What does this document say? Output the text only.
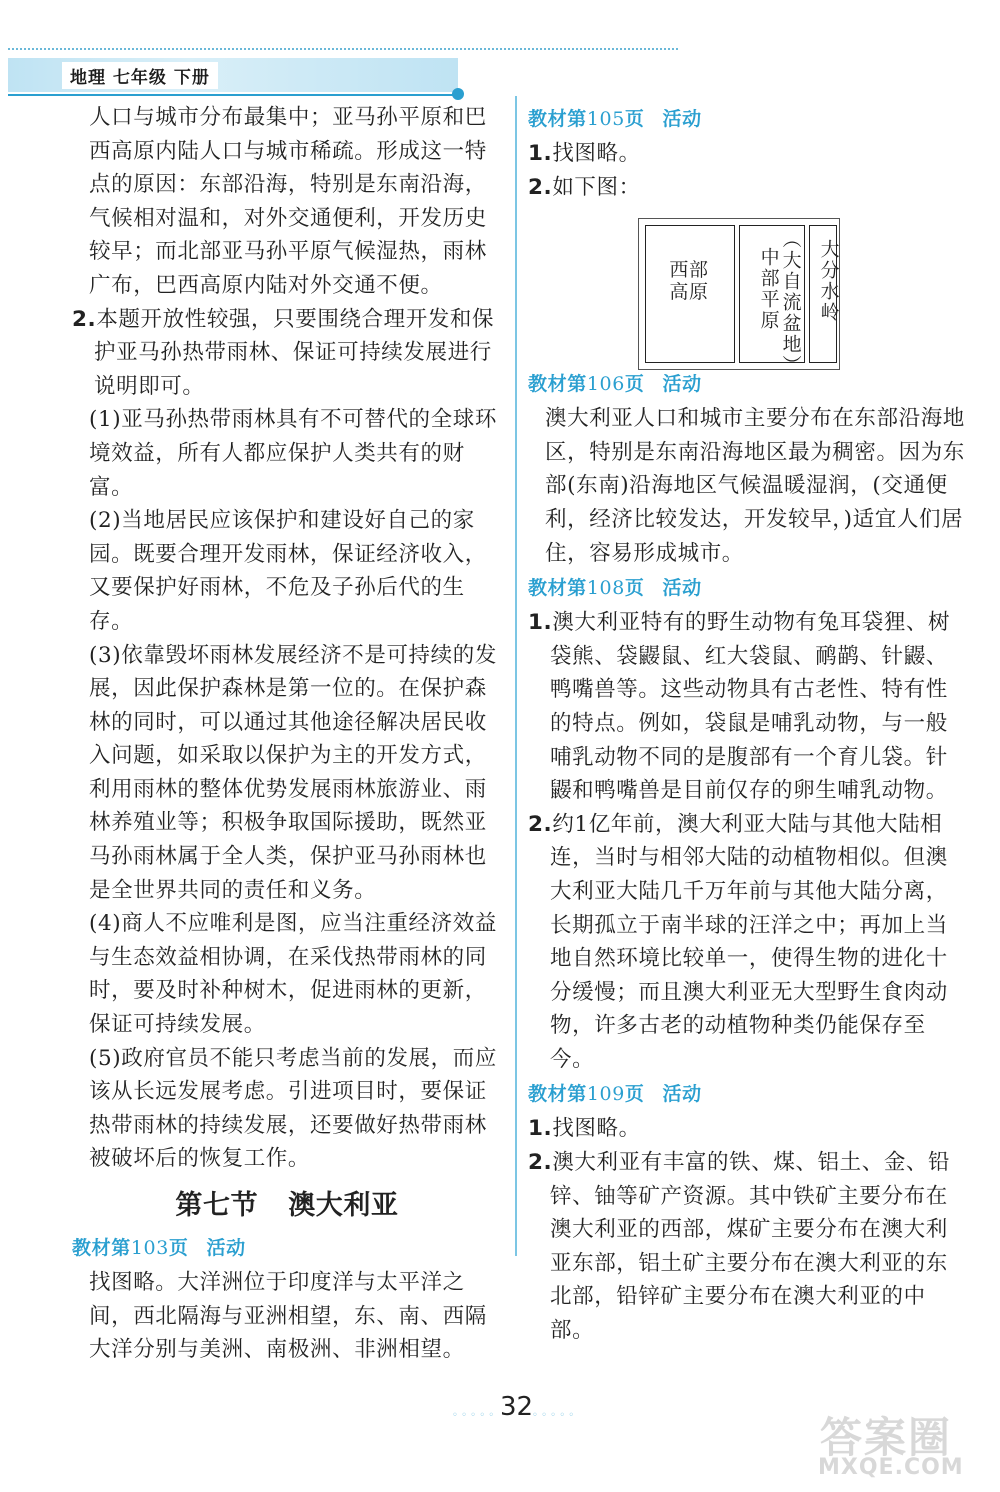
地理 七年级 下册

人口与城市分布最集中；亚马孙平原和巴西高原内陆人口与城市稀疏。形成这一特点的原因：东部沿海，特别是东南沿海，气候相对温和，对外交通便利，开发历史较早；而北部亚马孙平原气候湿热，雨林广布，巴西高原内陆对外交通不便。

2.本题开放性较强，只要围绕合理开发和保护亚马孙热带雨林、保证可持续发展进行说明即可。

(1)亚马孙热带雨林具有不可替代的全球环境效益，所有人都应保护人类共有的财富。

(2)当地居民应该保护和建设好自己的家园。既要合理开发雨林，保证经济收入，又要保护好雨林，不危及子孙后代的生存。

(3)依靠毁坏雨林发展经济不是可持续的发展，因此保护森林是第一位的。在保护森林的同时，可以通过其他途径解决居民收入问题，如采取以保护为主的开发方式，利用雨林的整体优势发展雨林旅游业、雨林养殖业等；积极争取国际援助，既然亚马孙雨林属于全人类，保护亚马孙雨林也是全世界共同的责任和义务。

(4)商人不应唯利是图，应当注重经济效益与生态效益相协调，在采伐热带雨林的同时，要及时补种树木，促进雨林的更新，保证可持续发展。

(5)政府官员不能只考虑当前的发展，而应该从长远发展考虑。引进项目时，要保证热带雨林的持续发展，还要做好热带雨林被破坏后的恢复工作。

第七节 澳大利亚
教材第103页 活动

找图略。大洋洲位于印度洋与太平洋之间，西北隔海与亚洲相望，东、南、西隔大洋分别与美洲、南极洲、非洲相望。

教材第105页 活动

1.找图略。

2.如下图：

西部高原	（大自流盆地）
中部平原	大分水岭
教材第106页 活动

澳大利亚人口和城市主要分布在东部沿海地区，特别是东南沿海地区最为稠密。因为东部(东南)沿海地区气候温暖湿润，(交通便利，经济比较发达，开发较早，)适宜人们居住，容易形成城市。

教材第108页 活动

1.澳大利亚特有的野生动物有兔耳袋狸、树袋熊、袋鼹鼠、红大袋鼠、鸸鹋、针鼹、鸭嘴兽等。这些动物具有古老性、特有性的特点。例如，袋鼠是哺乳动物，与一般哺乳动物不同的是腹部有一个育儿袋。针鼹和鸭嘴兽是目前仅存的卵生哺乳动物。

2.约1亿年前，澳大利亚大陆与其他大陆相连，当时与相邻大陆的动植物相似。但澳大利亚大陆几千万年前与其他大陆分离，长期孤立于南半球的汪洋之中；再加上当地自然环境比较单一，使得生物的进化十分缓慢；而且澳大利亚无大型野生食肉动物，许多古老的动植物种类仍能保存至今。

教材第109页 活动

1.找图略。

2.澳大利亚有丰富的铁、煤、铝土、金、铅锌、铀等矿产资源。其中铁矿主要分布在澳大利亚的西部，煤矿主要分布在澳大利亚东部，铝土矿主要分布在澳大利亚的东北部，铅锌矿主要分布在澳大利亚的中部。

◦ ◦ ◦ ◦ ◦ 32
◦ ◦ ◦ ◦ ◦	答案圈
MXQE.COM
